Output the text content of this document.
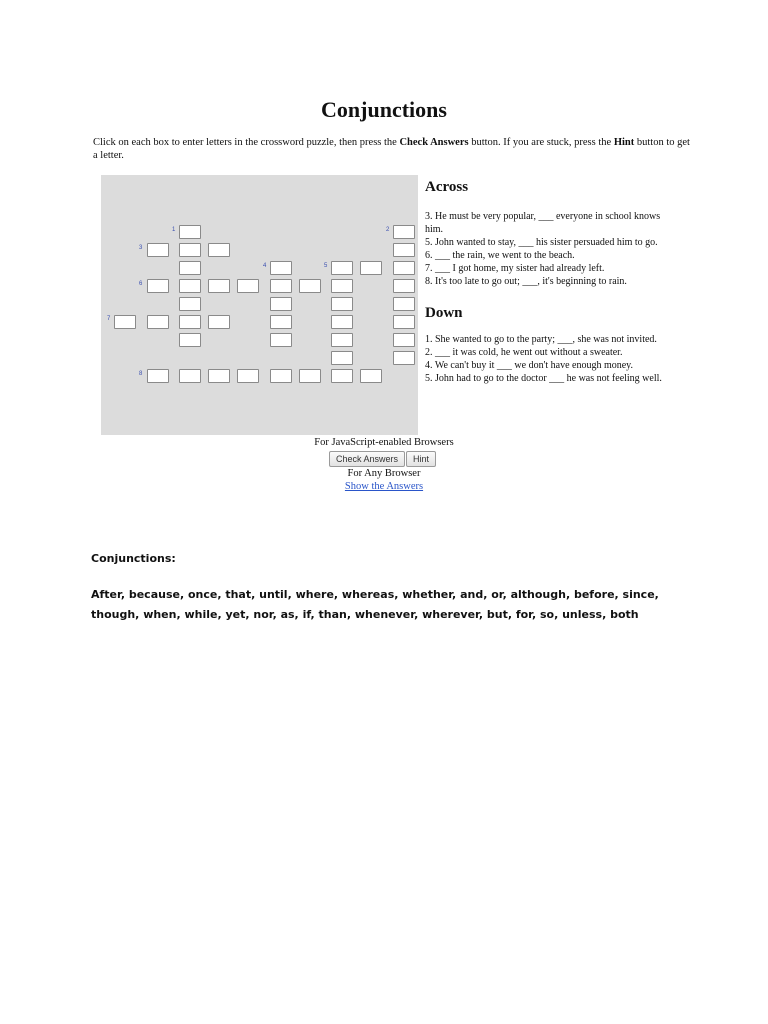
Conjunctions

Click on each box to enter letters in the crossword puzzle, then press the Check Answers button. If you are stuck, press the Hint button to get a letter.

1	2
3
4	5
6
7
8
Across
3. He must be very popular, ___ everyone in school knows him.
5. John wanted to stay, ___ his sister persuaded him to go.
6. ___ the rain, we went to the beach.
7. ___ I got home, my sister had already left.
8. It's too late to go out; ___, it's beginning to rain.
Down
1. She wanted to go to the party; ___, she was not invited.
2. ___ it was cold, he went out without a sweater.
4. We can't buy it ___ we don't have enough money.
5. John had to go to the doctor ___ he was not feeling well.

For JavaScript-enabled Browsers

Check Answers	Hint

For Any Browser

Show the Answers

Conjunctions:

After, because, once, that, until, where, whereas, whether, and, or, although, before, since, though, when, while, yet, nor, as, if, than, whenever, wherever, but, for, so, unless, both
